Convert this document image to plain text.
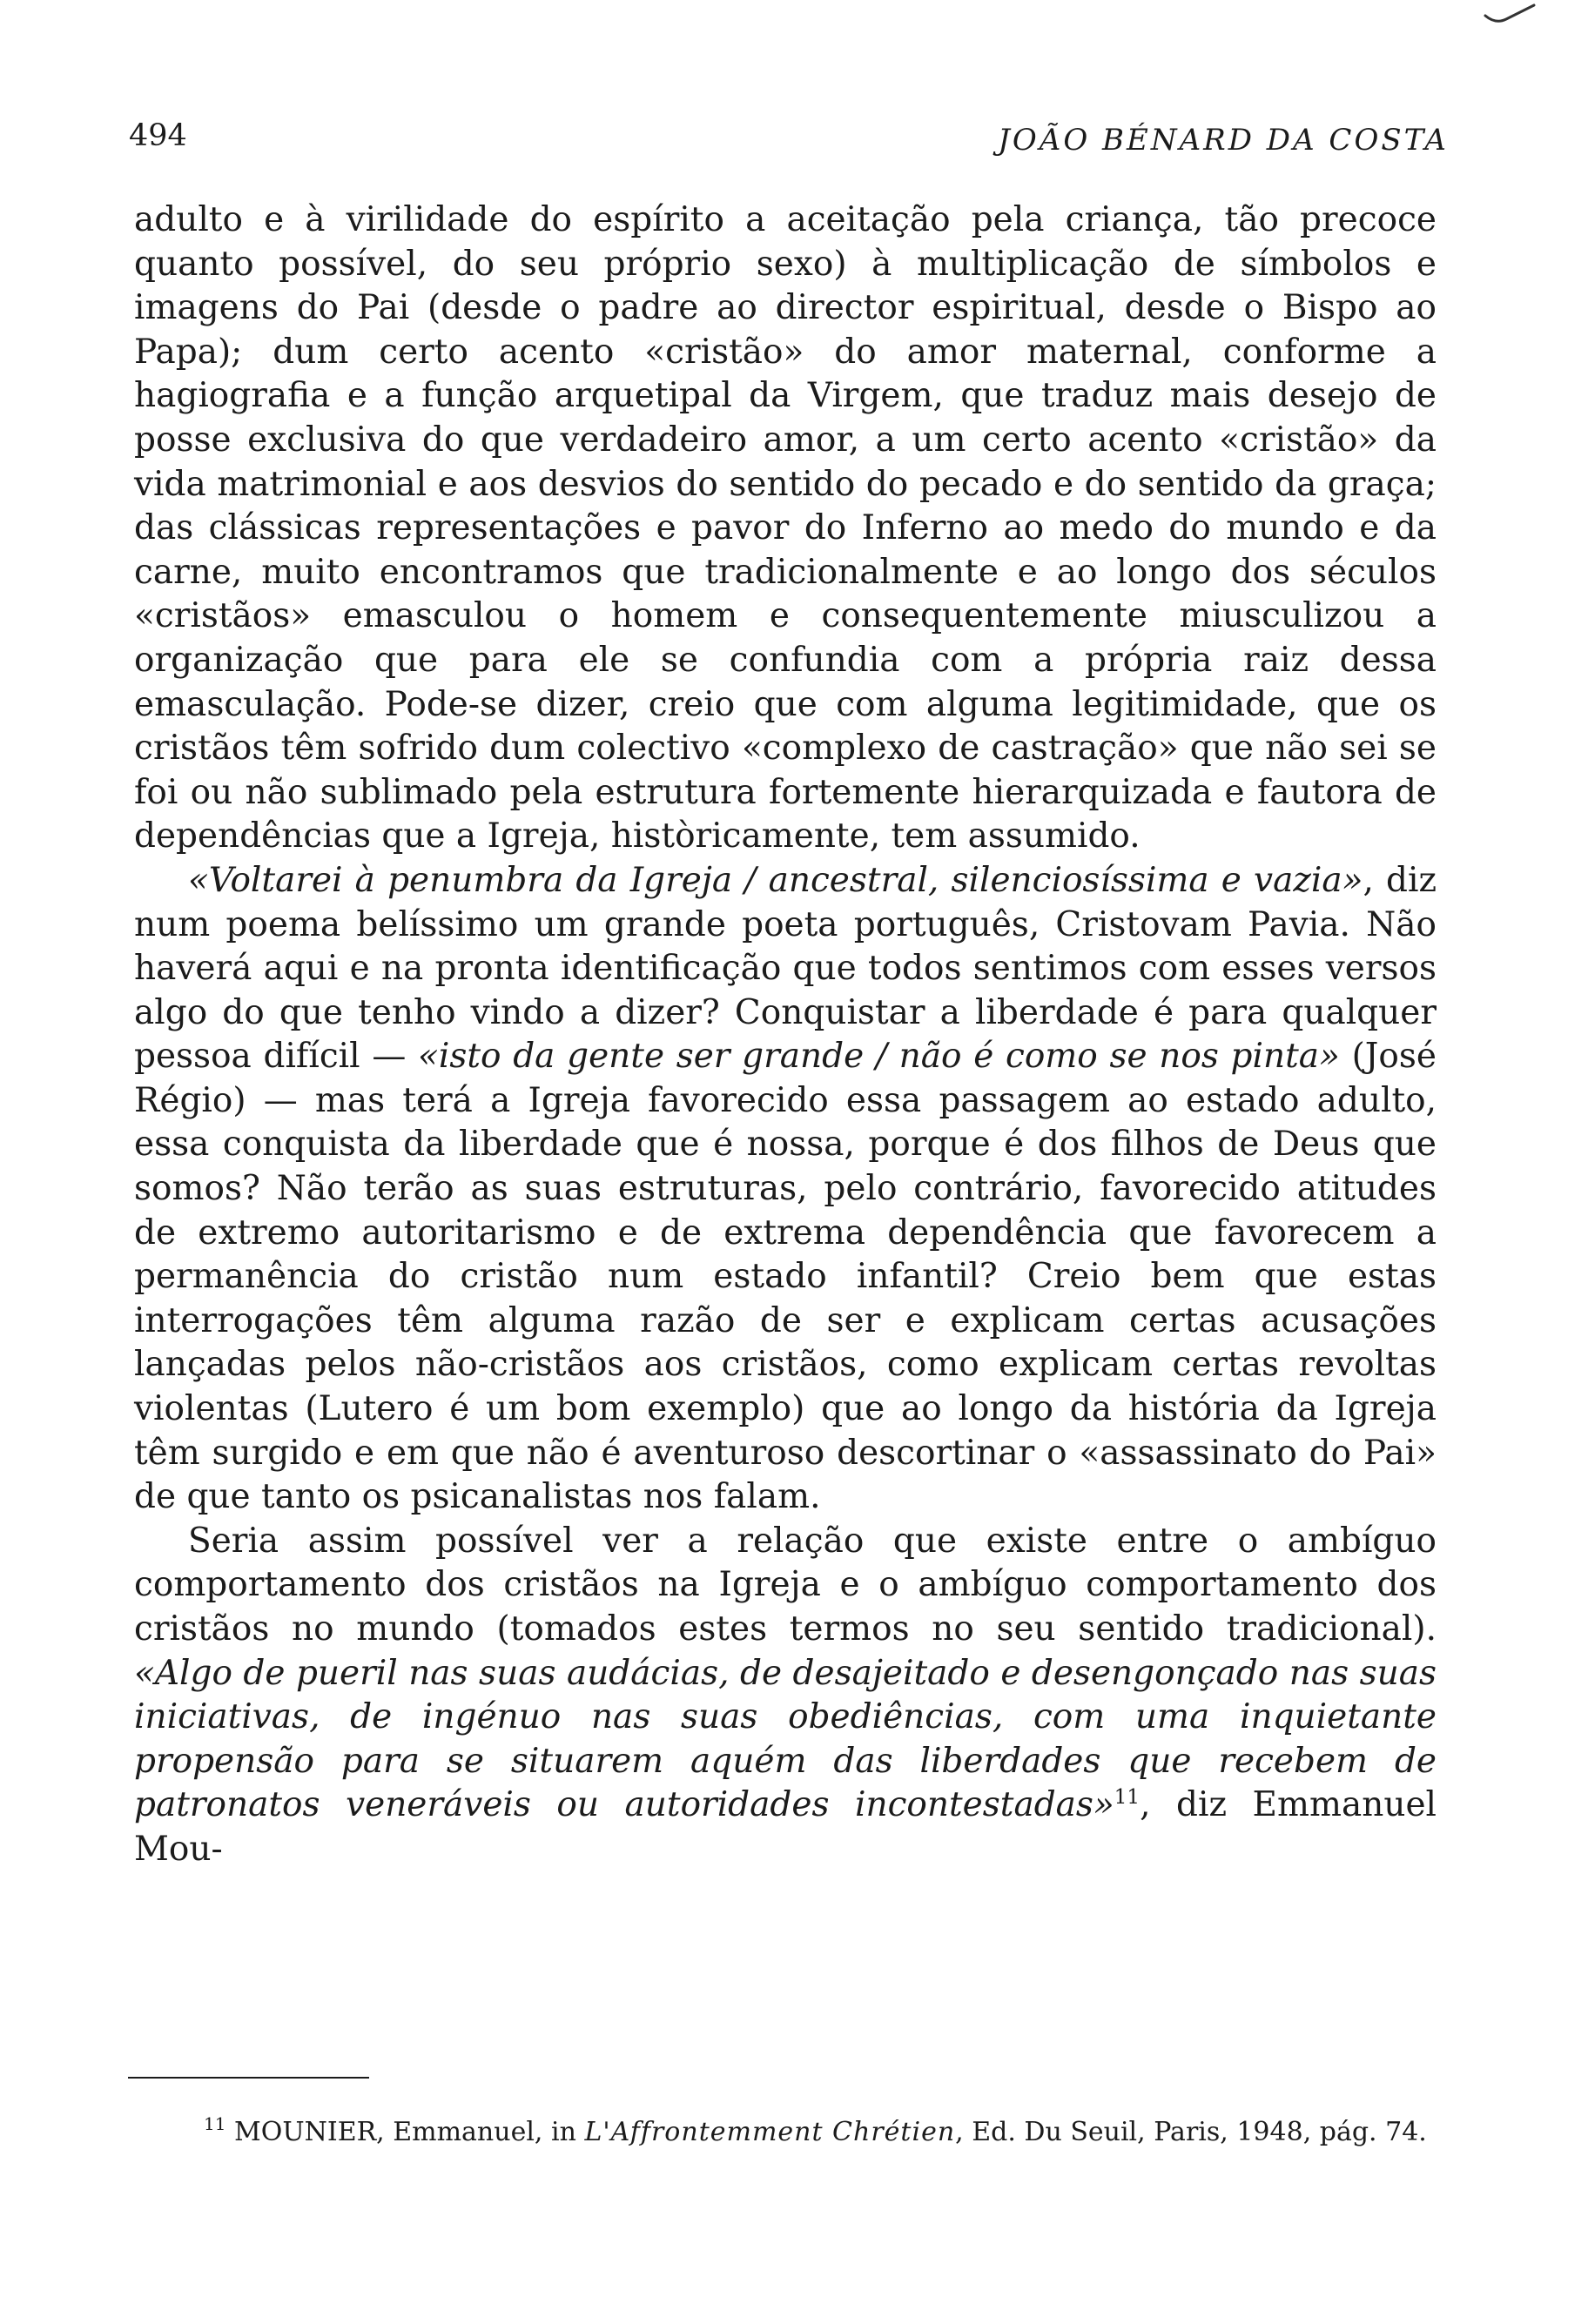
494	JOÃO BÉNARD DA COSTA

adulto e à virilidade do espírito a aceitação pela criança, tão precoce quanto possível, do seu próprio sexo) à multiplicação de símbolos e imagens do Pai (desde o padre ao director espiritual, desde o Bispo ao Papa); dum certo acento «cristão» do amor maternal, conforme a hagiografia e a função arquetipal da Virgem, que traduz mais desejo de posse exclusiva do que verdadeiro amor, a um certo acento «cristão» da vida matrimonial e aos desvios do sentido do pecado e do sentido da graça; das clássicas representações e pavor do Inferno ao medo do mundo e da carne, muito encontramos que tradicionalmente e ao longo dos séculos «cristãos» emasculou o homem e consequentemente miusculizou a organização que para ele se confundia com a própria raiz dessa emasculação. Pode-se dizer, creio que com alguma legitimidade, que os cristãos têm sofrido dum colectivo «complexo de castração» que não sei se foi ou não sublimado pela estrutura fortemente hierarquizada e fautora de dependências que a Igreja, històricamente, tem assumido.

«Voltarei à penumbra da Igreja / ancestral, silenciosíssima e vazia», diz num poema belíssimo um grande poeta português, Cristovam Pavia. Não haverá aqui e na pronta identificação que todos sentimos com esses versos algo do que tenho vindo a dizer? Conquistar a liberdade é para qualquer pessoa difícil — «isto da gente ser grande / não é como se nos pinta» (José Régio) — mas terá a Igreja favorecido essa passagem ao estado adulto, essa conquista da liberdade que é nossa, porque é dos filhos de Deus que somos? Não terão as suas estruturas, pelo contrário, favorecido atitudes de extremo autoritarismo e de extrema dependência que favorecem a permanência do cristão num estado infantil? Creio bem que estas interrogações têm alguma razão de ser e explicam certas acusações lançadas pelos não-cristãos aos cristãos, como explicam certas revoltas violentas (Lutero é um bom exemplo) que ao longo da história da Igreja têm surgido e em que não é aventuroso descortinar o «assassinato do Pai» de que tanto os psicanalistas nos falam.

Seria assim possível ver a relação que existe entre o ambíguo comportamento dos cristãos na Igreja e o ambíguo comportamento dos cristãos no mundo (tomados estes termos no seu sentido tradicional). «Algo de pueril nas suas audácias, de desajeitado e desengonçado nas suas iniciativas, de ingénuo nas suas obediências, com uma inquietante propensão para se situarem aquém das liberdades que recebem de patronatos veneráveis ou autoridades incontestadas»$^{11}$, diz Emmanuel Mou-

$^{11}$ MOUNIER, Emmanuel, in L'Affrontemment Chrétien, Ed. Du Seuil, Paris, 1948, pág. 74.
